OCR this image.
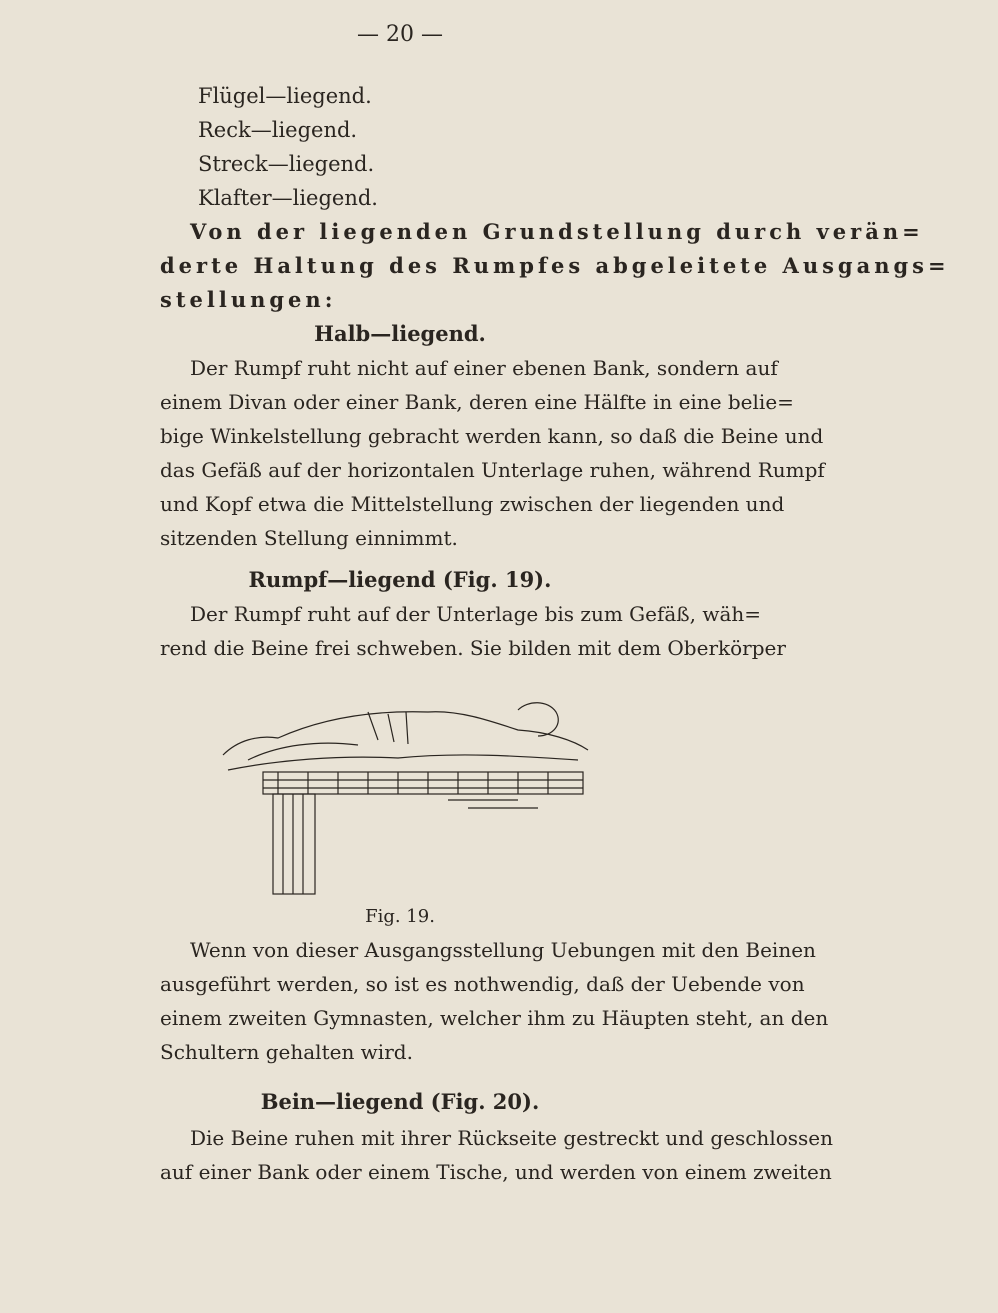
— 20 —
Flügel—liegend.
Reck—liegend.
Streck—liegend.
Klafter—liegend.
Von der liegenden Grundstellung durch verän=
derte Haltung des Rumpfes abgeleitete Ausgangs=
stellungen:
Halb—liegend.
Der Rumpf ruht nicht auf einer ebenen Bank, sondern auf
einem Divan oder einer Bank, deren eine Hälfte in eine belie=
bige Winkelstellung gebracht werden kann, so daß die Beine und
das Gefäß auf der horizontalen Unterlage ruhen, während Rumpf
und Kopf etwa die Mittelstellung zwischen der liegenden und
sitzenden Stellung einnimmt.
Rumpf—liegend (Fig. 19).
Der Rumpf ruht auf der Unterlage bis zum Gefäß, wäh=
rend die Beine frei schweben. Sie bilden mit dem Oberkörper
Fig. 19.
Wenn von dieser Ausgangsstellung Uebungen mit den Beinen
ausgeführt werden, so ist es nothwendig, daß der Uebende von
einem zweiten Gymnasten, welcher ihm zu Häupten steht, an den
Schultern gehalten wird.
Bein—liegend (Fig. 20).
Die Beine ruhen mit ihrer Rückseite gestreckt und geschlossen
auf einer Bank oder einem Tische, und werden von einem zweiten
